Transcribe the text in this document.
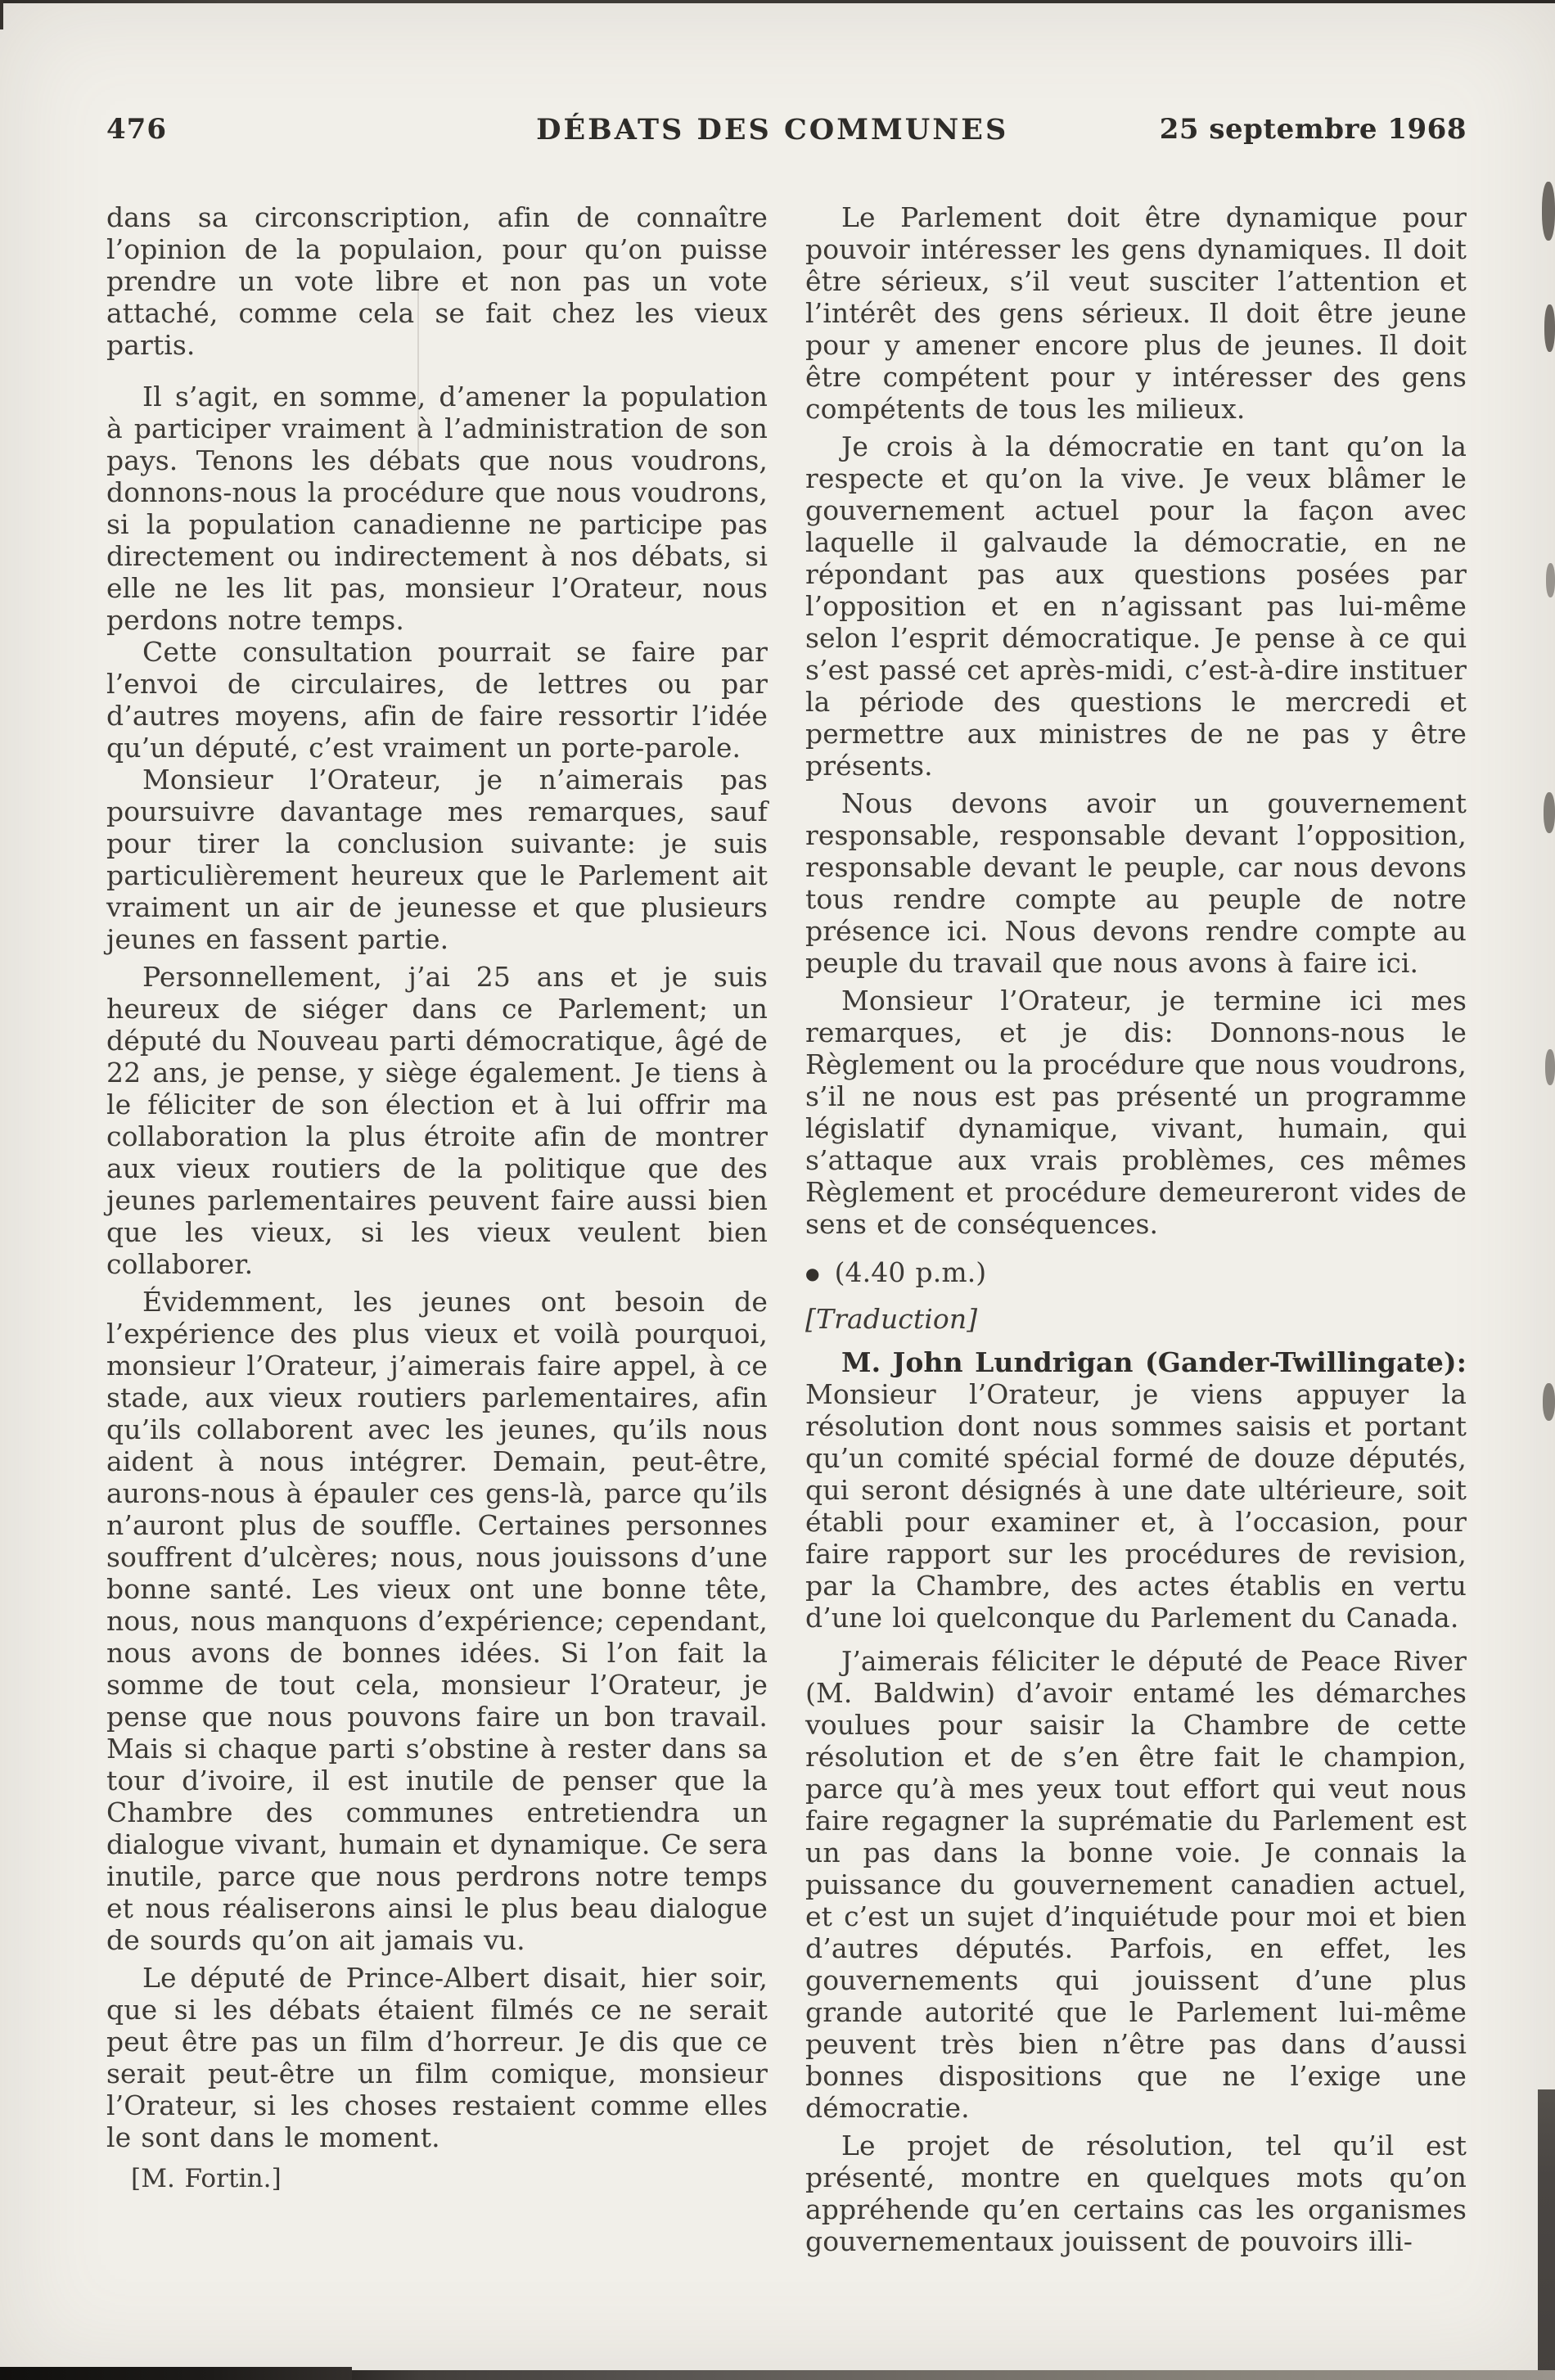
476	DÉBATS DES COMMUNES	25 septembre 1968

dans sa circonscription, afin de connaître l’opinion de la populaion, pour qu’on puisse prendre un vote libre et non pas un vote attaché, comme cela se fait chez les vieux partis.

Il s’agit, en somme, d’amener la population à participer vraiment à l’administration de son pays. Tenons les débats que nous voudrons, donnons-nous la procédure que nous voudrons, si la population canadienne ne participe pas directement ou indirectement à nos débats, si elle ne les lit pas, monsieur l’Orateur, nous perdons notre temps.

Cette consultation pourrait se faire par l’envoi de circulaires, de lettres ou par d’autres moyens, afin de faire ressortir l’idée qu’un député, c’est vraiment un porte-parole.

Monsieur l’Orateur, je n’aimerais pas poursuivre davantage mes remarques, sauf pour tirer la conclusion suivante: je suis particulièrement heureux que le Parlement ait vraiment un air de jeunesse et que plusieurs jeunes en fassent partie.

Personnellement, j’ai 25 ans et je suis heureux de siéger dans ce Parlement; un député du Nouveau parti démocratique, âgé de 22 ans, je pense, y siège également. Je tiens à le féliciter de son élection et à lui offrir ma collaboration la plus étroite afin de montrer aux vieux routiers de la politique que des jeunes parlementaires peuvent faire aussi bien que les vieux, si les vieux veulent bien collaborer.

Évidemment, les jeunes ont besoin de l’expérience des plus vieux et voilà pourquoi, monsieur l’Orateur, j’aimerais faire appel, à ce stade, aux vieux routiers parlementaires, afin qu’ils collaborent avec les jeunes, qu’ils nous aident à nous intégrer. Demain, peut-être, aurons-nous à épauler ces gens-là, parce qu’ils n’auront plus de souffle. Certaines personnes souffrent d’ulcères; nous, nous jouissons d’une bonne santé. Les vieux ont une bonne tête, nous, nous manquons d’expérience; cependant, nous avons de bonnes idées. Si l’on fait la somme de tout cela, monsieur l’Orateur, je pense que nous pouvons faire un bon travail. Mais si chaque parti s’obstine à rester dans sa tour d’ivoire, il est inutile de penser que la Chambre des communes entretiendra un dialogue vivant, humain et dynamique. Ce sera inutile, parce que nous perdrons notre temps et nous réaliserons ainsi le plus beau dialogue de sourds qu’on ait jamais vu.

Le député de Prince-Albert disait, hier soir, que si les débats étaient filmés ce ne serait peut être pas un film d’horreur. Je dis que ce serait peut-être un film comique, monsieur l’Orateur, si les choses restaient comme elles le sont dans le moment.

[M. Fortin.]

Le Parlement doit être dynamique pour pouvoir intéresser les gens dynamiques. Il doit être sérieux, s’il veut susciter l’attention et l’intérêt des gens sérieux. Il doit être jeune pour y amener encore plus de jeunes. Il doit être compétent pour y intéresser des gens compétents de tous les milieux.

Je crois à la démocratie en tant qu’on la respecte et qu’on la vive. Je veux blâmer le gouvernement actuel pour la façon avec laquelle il galvaude la démocratie, en ne répondant pas aux questions posées par l’opposition et en n’agissant pas lui-même selon l’esprit démocratique. Je pense à ce qui s’est passé cet après-midi, c’est-à-dire instituer la période des questions le mercredi et permettre aux ministres de ne pas y être présents.

Nous devons avoir un gouvernement responsable, responsable devant l’opposition, responsable devant le peuple, car nous devons tous rendre compte au peuple de notre présence ici. Nous devons rendre compte au peuple du travail que nous avons à faire ici.

Monsieur l’Orateur, je termine ici mes remarques, et je dis: Donnons-nous le Règlement ou la procédure que nous voudrons, s’il ne nous est pas présenté un programme législatif dynamique, vivant, humain, qui s’attaque aux vrais problèmes, ces mêmes Règlement et procédure demeureront vides de sens et de conséquences.

● (4.40 p.m.)

[Traduction]

M. John Lundrigan (Gander-Twillingate): Monsieur l’Orateur, je viens appuyer la résolution dont nous sommes saisis et portant qu’un comité spécial formé de douze députés, qui seront désignés à une date ultérieure, soit établi pour examiner et, à l’occasion, pour faire rapport sur les procédures de revision, par la Chambre, des actes établis en vertu d’une loi quelconque du Parlement du Canada.

J’aimerais féliciter le député de Peace River (M. Baldwin) d’avoir entamé les démarches voulues pour saisir la Chambre de cette résolution et de s’en être fait le champion, parce qu’à mes yeux tout effort qui veut nous faire regagner la suprématie du Parlement est un pas dans la bonne voie. Je connais la puissance du gouvernement canadien actuel, et c’est un sujet d’inquiétude pour moi et bien d’autres députés. Parfois, en effet, les gouvernements qui jouissent d’une plus grande autorité que le Parlement lui-même peuvent très bien n’être pas dans d’aussi bonnes dispositions que ne l’exige une démocratie.

Le projet de résolution, tel qu’il est présenté, montre en quelques mots qu’on appréhende qu’en certains cas les organismes gouvernementaux jouissent de pouvoirs illi-
